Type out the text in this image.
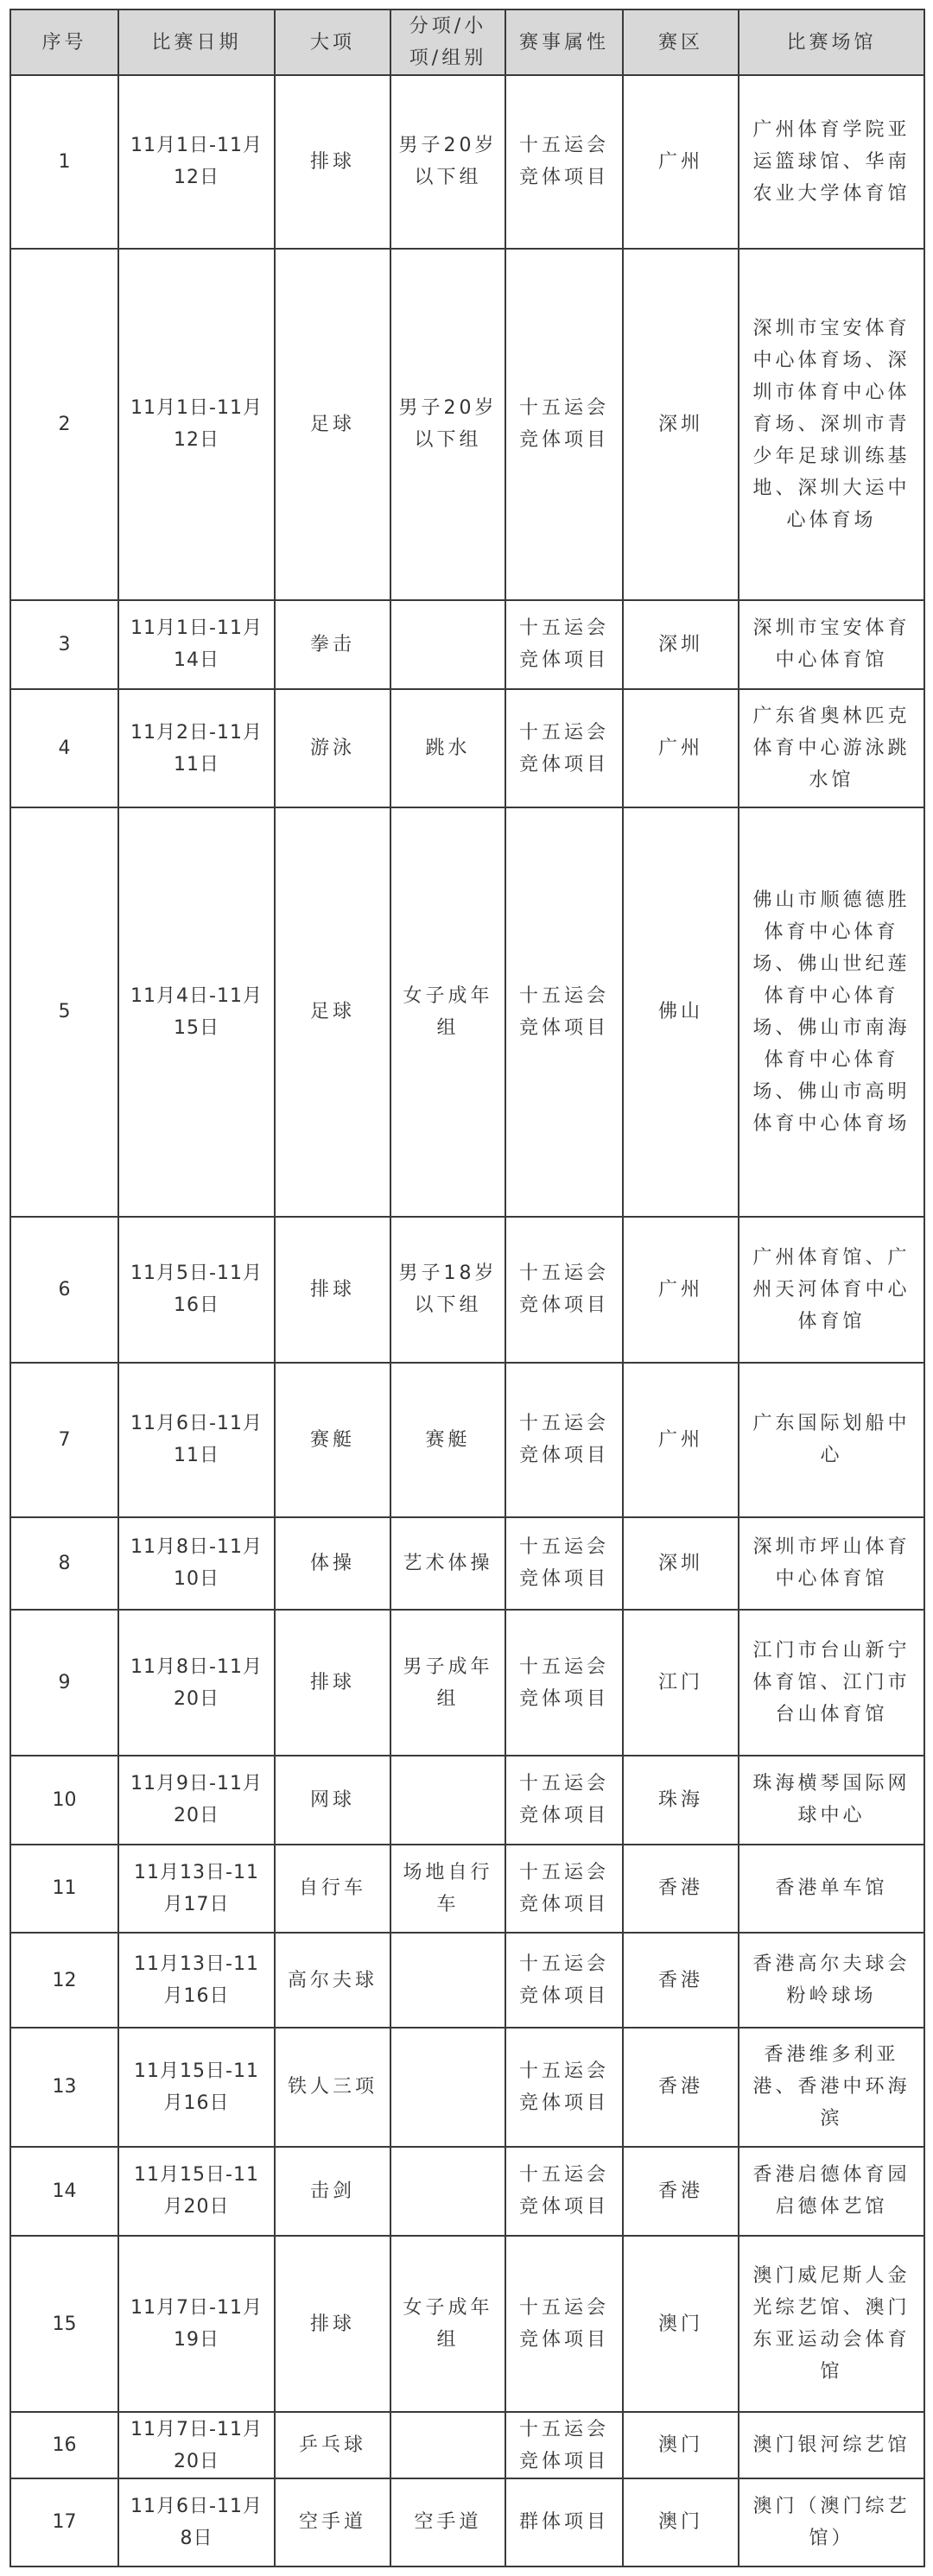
序号	比赛日期	大项	分项/小项/组别	赛事属性	赛区	比赛场馆
1	11月1日-11月12日	排球	男子20岁以下组	十五运会竞体项目	广州	广州体育学院亚运篮球馆、华南农业大学体育馆
2	11月1日-11月12日	足球	男子20岁以下组	十五运会竞体项目	深圳	深圳市宝安体育中心体育场、深圳市体育中心体育场、深圳市青少年足球训练基地、深圳大运中心体育场
3	11月1日-11月14日	拳击		十五运会竞体项目	深圳	深圳市宝安体育中心体育馆
4	11月2日-11月11日	游泳	跳水	十五运会竞体项目	广州	广东省奥林匹克体育中心游泳跳水馆
5	11月4日-11月15日	足球	女子成年组	十五运会竞体项目	佛山	佛山市顺德德胜体育中心体育场、佛山世纪莲体育中心体育场、佛山市南海体育中心体育场、佛山市高明体育中心体育场
6	11月5日-11月16日	排球	男子18岁以下组	十五运会竞体项目	广州	广州体育馆、广州天河体育中心体育馆
7	11月6日-11月11日	赛艇	赛艇	十五运会竞体项目	广州	广东国际划船中心
8	11月8日-11月10日	体操	艺术体操	十五运会竞体项目	深圳	深圳市坪山体育中心体育馆
9	11月8日-11月20日	排球	男子成年组	十五运会竞体项目	江门	江门市台山新宁体育馆、江门市台山体育馆
10	11月9日-11月20日	网球		十五运会竞体项目	珠海	珠海横琴国际网球中心
11	11月13日-11月17日	自行车	场地自行车	十五运会竞体项目	香港	香港单车馆
12	11月13日-11月16日	高尔夫球		十五运会竞体项目	香港	香港高尔夫球会粉岭球场
13	11月15日-11月16日	铁人三项		十五运会竞体项目	香港	香港维多利亚港、香港中环海滨
14	11月15日-11月20日	击剑		十五运会竞体项目	香港	香港启德体育园启德体艺馆
15	11月7日-11月19日	排球	女子成年组	十五运会竞体项目	澳门	澳门威尼斯人金光综艺馆、澳门东亚运动会体育馆
16	11月7日-11月20日	乒乓球		十五运会竞体项目	澳门	澳门银河综艺馆
17	11月6日-11月8日	空手道	空手道	群体项目	澳门	澳门（澳门综艺馆）
